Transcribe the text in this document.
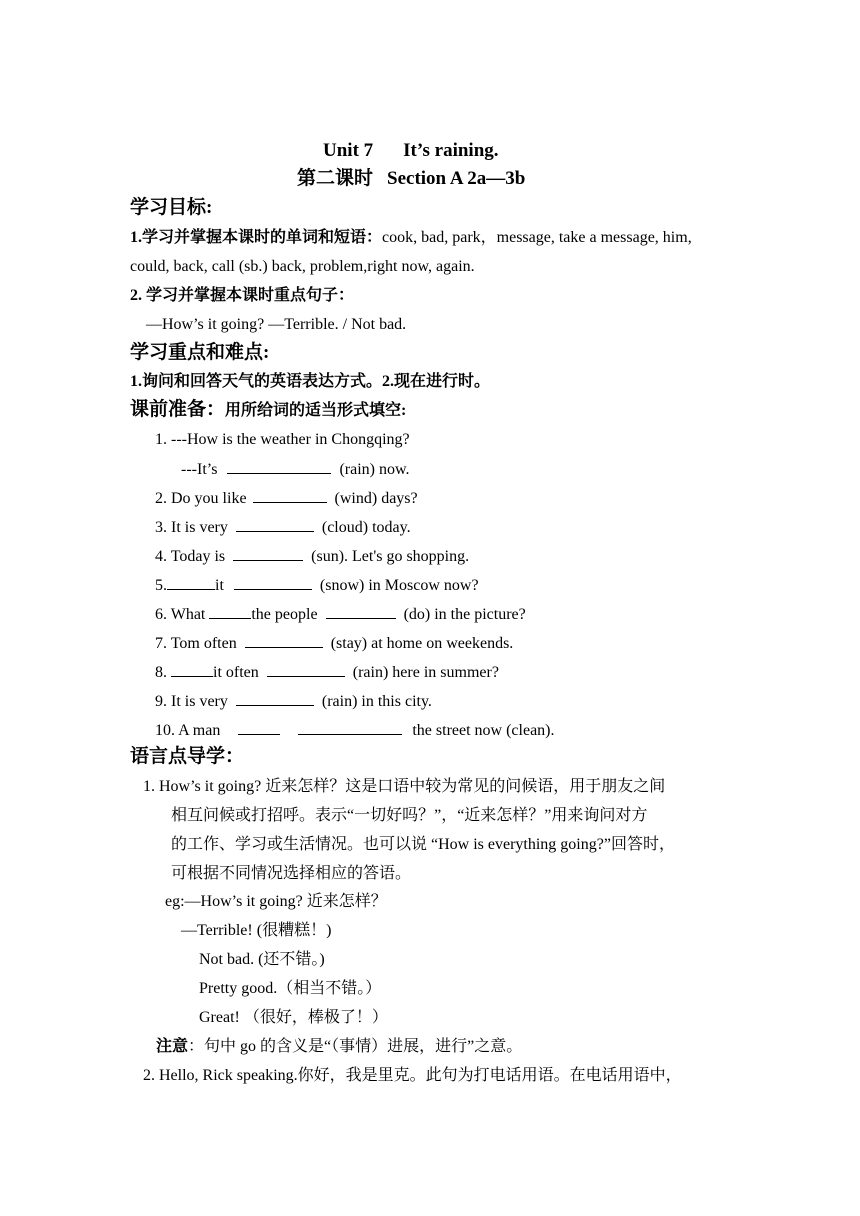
Unit 7 It’s raining.
第二课时 Section A 2a—3b
学习目标:
1.学习并掌握本课时的单词和短语：cook, bad, park，message, take a message, him,
could, back, call (sb.) back, problem,right now, again.
2. 学习并掌握本课时重点句子：
—How’s it going? —Terrible. / Not bad.
学习重点和难点:
1.询问和回答天气的英语表达方式。2.现在进行时。
课前准备：用所给词的适当形式填空:
1. ---How is the weather in Chongqing?
---It’s	(rain) now.
2. Do you like	(wind) days?
3. It is very	(cloud) today.
4. Today is	(sun). Let's go shopping.
5.	it	(snow) in Moscow now?
6. What	the people	(do) in the picture?
7. Tom often	(stay) at home on weekends.
8.	it often	(rain) here in summer?
9. It is very	(rain) in this city.
10. A man	the street now (clean).
语言点导学：
1. How’s it going? 近来怎样？这是口语中较为常见的问候语，用于朋友之间
相互问候或打招呼。表示“一切好吗？”，“近来怎样？”用来询问对方
的工作、学习或生活情况。也可以说 “How is everything going?”回答时，
可根据不同情况选择相应的答语。
eg:—How’s it going? 近来怎样？
—Terrible! (很糟糕！)
Not bad. (还不错。)
Pretty good.（相当不错。）
Great! （很好，棒极了！）
注意：句中 go 的含义是“（事情）进展，进行”之意。
2. Hello, Rick speaking.你好，我是里克。此句为打电话用语。在电话用语中，
